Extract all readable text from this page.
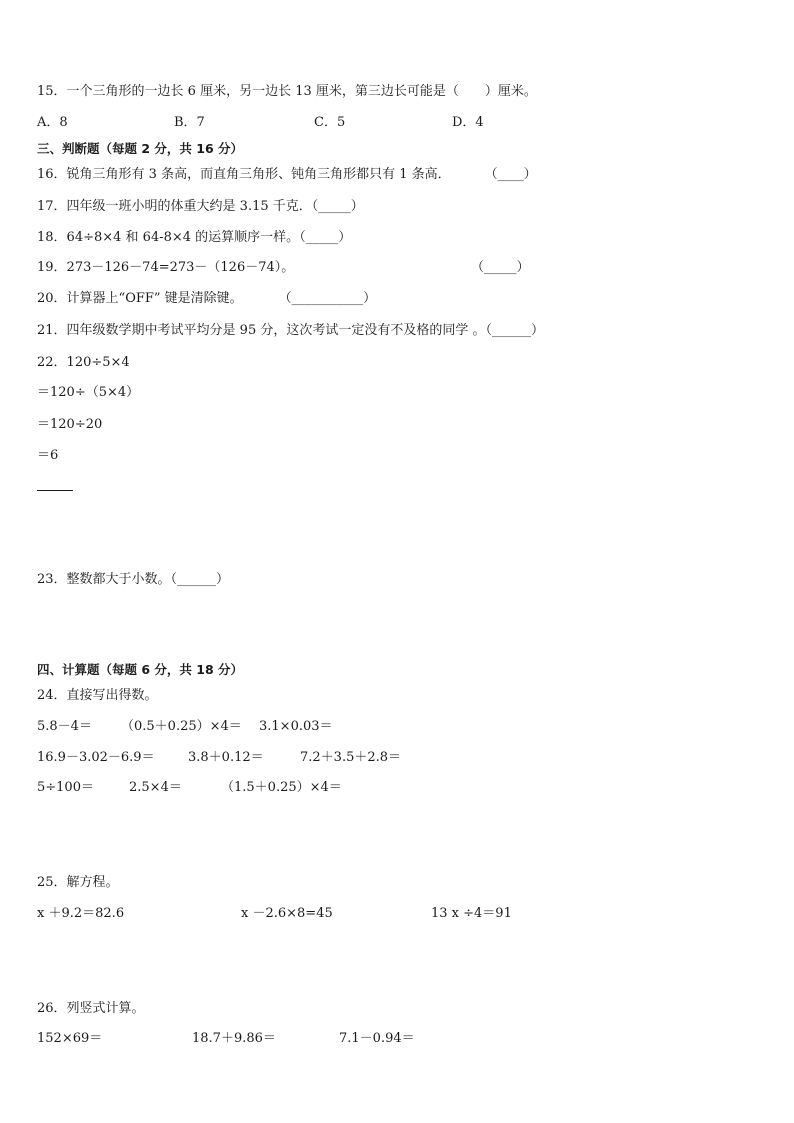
15．一个三角形的一边长 6 厘米，另一边长 13 厘米，第三边长可能是（　　）厘米。
A．8	B．7	C．5	D．4
三、判断题（每题 2 分，共 16 分）
16．锐角三角形有 3 条高，而直角三角形、钝角三角形都只有 1 条高．	（____）
17．四年级一班小明的体重大约是 3.15 千克．（_____）
18．64÷8×4 和 64-8×4 的运算顺序一样。（_____）
19．273－126－74=273－（126－74）。	（_____）
20．计算器上“OFF” 键是清除键。	（___________）
21．四年级数学期中考试平均分是 95 分，这次考试一定没有不及格的同学 。（______）
22．120÷5×4
＝120÷（5×4）
＝120÷20
＝6
23．整数都大于小数。（______）
四、计算题（每题 6 分，共 18 分）
24．直接写出得数。
5.8－4＝ （0.5＋0.25）×4＝ 3.1×0.03＝
16.9－3.02－6.9＝	3.8＋0.12＝	7.2＋3.5＋2.8＝
5÷100＝	2.5×4＝	（1.5＋0.25）×4＝
25．解方程。
x ＋9.2＝82.6	x －2.6×8=45	13 x ÷4＝91
26．列竖式计算。
152×69＝	18.7＋9.86＝	7.1－0.94＝
